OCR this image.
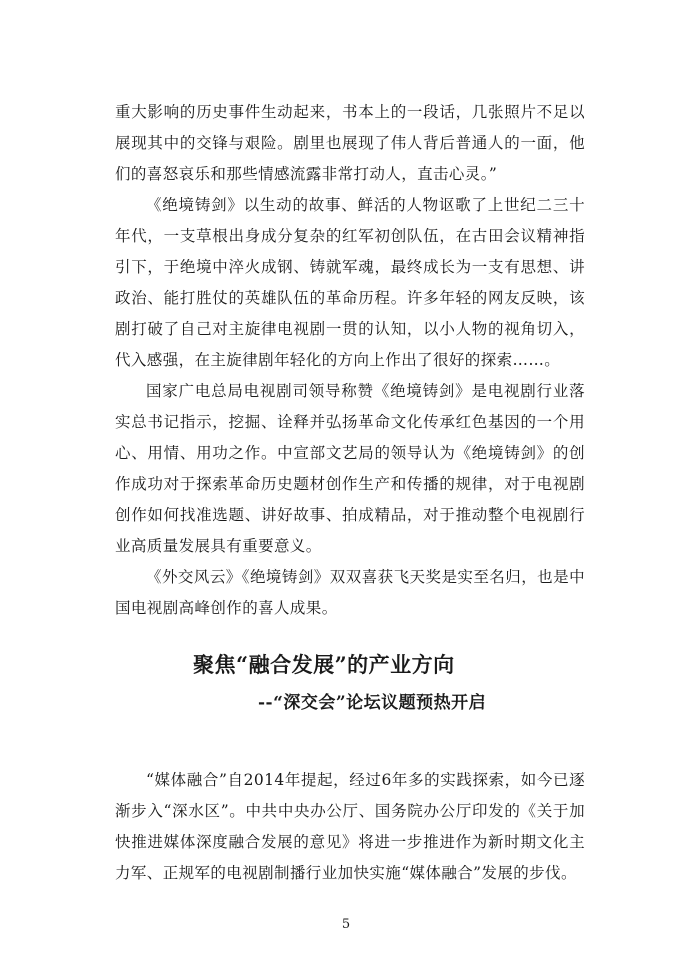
重大影响的历史事件生动起来，书本上的一段话，几张照片不足以展现其中的交锋与艰险。剧里也展现了伟人背后普通人的一面，他们的喜怒哀乐和那些情感流露非常打动人，直击心灵。”

《绝境铸剑》以生动的故事、鲜活的人物讴歌了上世纪二三十年代，一支草根出身成分复杂的红军初创队伍，在古田会议精神指引下，于绝境中淬火成钢、铸就军魂，最终成长为一支有思想、讲政治、能打胜仗的英雄队伍的革命历程。许多年轻的网友反映，该剧打破了自己对主旋律电视剧一贯的认知，以小人物的视角切入，代入感强，在主旋律剧年轻化的方向上作出了很好的探索……。

国家广电总局电视剧司领导称赞《绝境铸剑》是电视剧行业落实总书记指示，挖掘、诠释并弘扬革命文化传承红色基因的一个用心、用情、用功之作。中宣部文艺局的领导认为《绝境铸剑》的创作成功对于探索革命历史题材创作生产和传播的规律，对于电视剧创作如何找准选题、讲好故事、拍成精品，对于推动整个电视剧行业高质量发展具有重要意义。

《外交风云》《绝境铸剑》双双喜获飞天奖是实至名归，也是中国电视剧高峰创作的喜人成果。

聚焦“融合发展”的产业方向
--“深交会”论坛议题预热开启

“媒体融合”自2014年提起，经过6年多的实践探索，如今已逐渐步入“深水区”。中共中央办公厅、国务院办公厅印发的《关于加快推进媒体深度融合发展的意见》将进一步推进作为新时期文化主力军、正规军的电视剧制播行业加快实施“媒体融合”发展的步伐。

5
